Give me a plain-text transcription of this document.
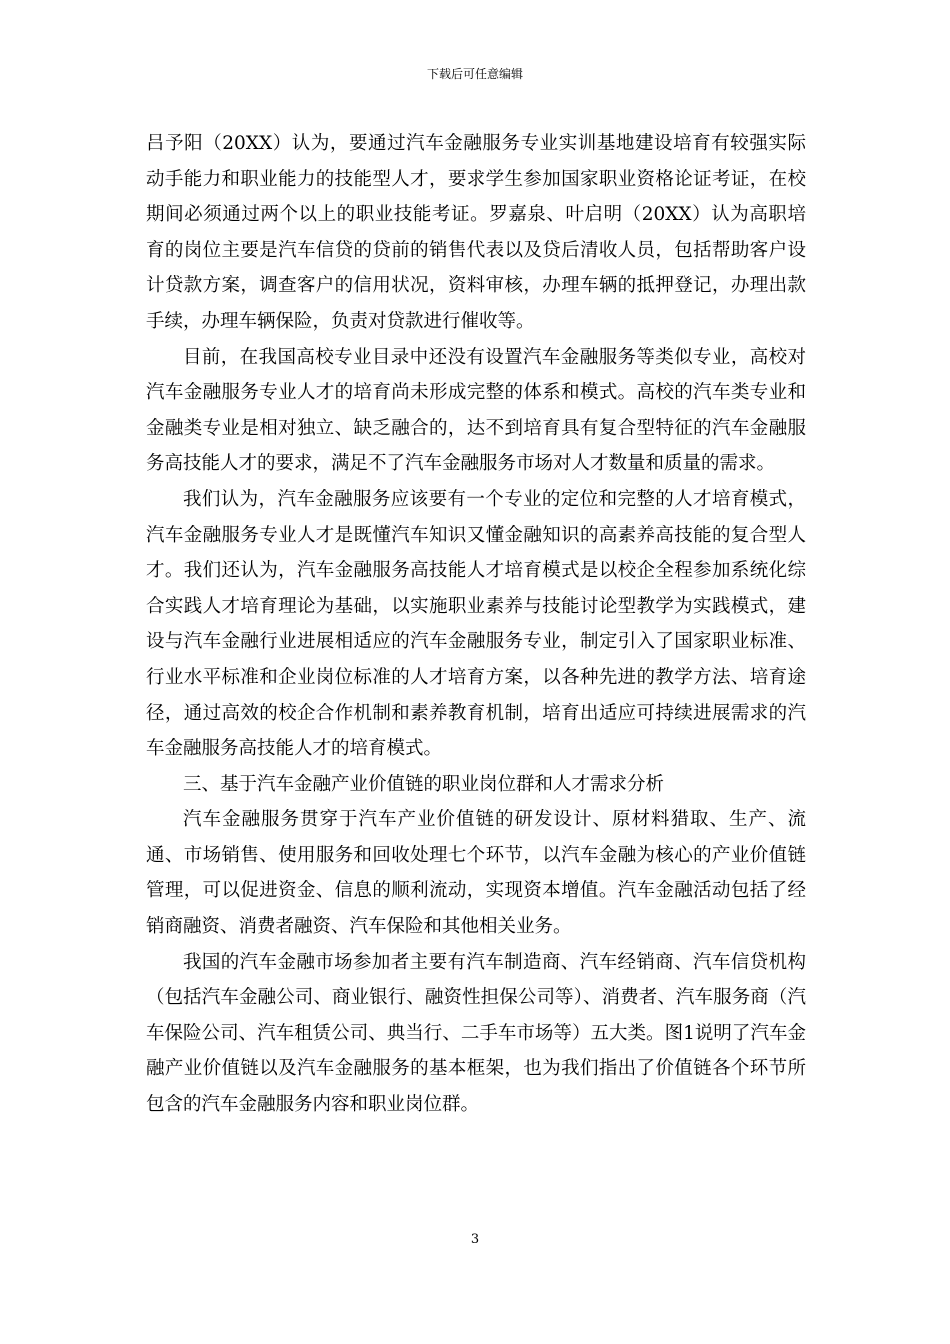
下载后可任意编辑

吕予阳（20XX）认为，要通过汽车金融服务专业实训基地建设培育有较强实际动手能力和职业能力的技能型人才，要求学生参加国家职业资格论证考证，在校期间必须通过两个以上的职业技能考证。罗嘉泉、叶启明（20XX）认为高职培育的岗位主要是汽车信贷的贷前的销售代表以及贷后清收人员，包括帮助客户设计贷款方案，调查客户的信用状况，资料审核，办理车辆的抵押登记，办理出款手续，办理车辆保险，负责对贷款进行催收等。

目前，在我国高校专业目录中还没有设置汽车金融服务等类似专业，高校对汽车金融服务专业人才的培育尚未形成完整的体系和模式。高校的汽车类专业和金融类专业是相对独立、缺乏融合的，达不到培育具有复合型特征的汽车金融服务高技能人才的要求，满足不了汽车金融服务市场对人才数量和质量的需求。

我们认为，汽车金融服务应该要有一个专业的定位和完整的人才培育模式，汽车金融服务专业人才是既懂汽车知识又懂金融知识的高素养高技能的复合型人才。我们还认为，汽车金融服务高技能人才培育模式是以校企全程参加系统化综合实践人才培育理论为基础，以实施职业素养与技能讨论型教学为实践模式，建设与汽车金融行业进展相适应的汽车金融服务专业，制定引入了国家职业标准、行业水平标准和企业岗位标准的人才培育方案，以各种先进的教学方法、培育途径，通过高效的校企合作机制和素养教育机制，培育出适应可持续进展需求的汽车金融服务高技能人才的培育模式。

三、基于汽车金融产业价值链的职业岗位群和人才需求分析

汽车金融服务贯穿于汽车产业价值链的研发设计、原材料猎取、生产、流通、市场销售、使用服务和回收处理七个环节，以汽车金融为核心的产业价值链管理，可以促进资金、信息的顺利流动，实现资本增值。汽车金融活动包括了经销商融资、消费者融资、汽车保险和其他相关业务。

我国的汽车金融市场参加者主要有汽车制造商、汽车经销商、汽车信贷机构（包括汽车金融公司、商业银行、融资性担保公司等）、消费者、汽车服务商（汽车保险公司、汽车租赁公司、典当行、二手车市场等）五大类。图1说明了汽车金融产业价值链以及汽车金融服务的基本框架，也为我们指出了价值链各个环节所包含的汽车金融服务内容和职业岗位群。

3
